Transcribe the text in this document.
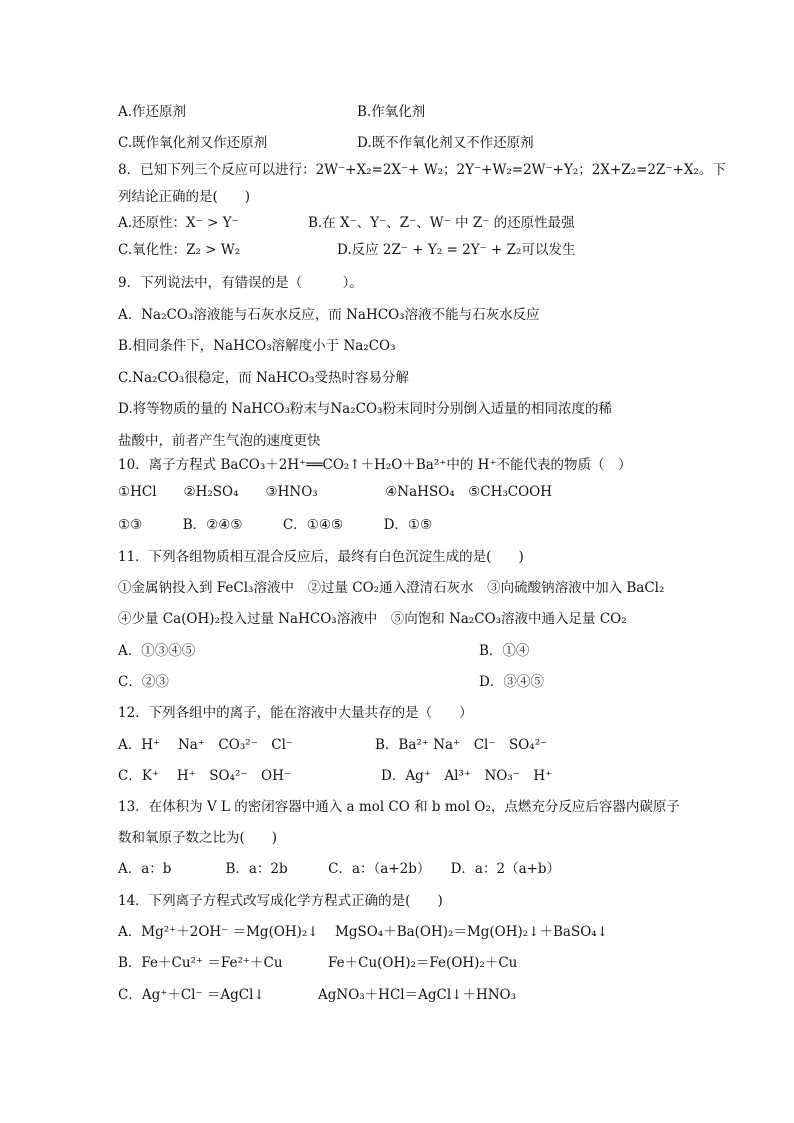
A.作还原剂	B.作氧化剂
C.既作氧化剂又作还原剂	D.既不作氧化剂又不作还原剂
8．已知下列三个反应可以进行：2W⁻+X₂=2X⁻+ W₂；2Y⁻+W₂=2W⁻+Y₂；2X+Z₂=2Z⁻+X₂。下
列结论正确的是(　　)
A.还原性：X⁻ > Y⁻	B.在 X⁻、Y⁻、Z⁻、W⁻ 中 Z⁻ 的还原性最强
C.氧化性：Z₂ > W₂	D.反应 2Z⁻ + Y₂ = 2Y⁻ + Z₂可以发生
9．下列说法中，有错误的是（　　　）。
A．Na₂CO₃溶液能与石灰水反应，而 NaHCO₃溶液不能与石灰水反应
B.相同条件下，NaHCO₃溶解度小于 Na₂CO₃
C.Na₂CO₃很稳定，而 NaHCO₃受热时容易分解
D.将等物质的量的 NaHCO₃粉末与Na₂CO₃粉末同时分别倒入适量的相同浓度的稀
盐酸中，前者产生气泡的速度更快
10．离子方程式 BaCO₃＋2H⁺══CO₂↑＋H₂O＋Ba²⁺中的 H⁺不能代表的物质（　）
①HCl　　②H₂SO₄　　③HNO₃　　　　　④NaHSO₄　⑤CH₃COOH
①③　　　B．②④⑤　　　C．①④⑤　　　D．①⑤
11．下列各组物质相互混合反应后，最终有白色沉淀生成的是(　　)
①金属钠投入到 FeCl₃溶液中　②过量 CO₂通入澄清石灰水　③向硫酸钠溶液中加入 BaCl₂
④少量 Ca(OH)₂投入过量 NaHCO₃溶液中　⑤向饱和 Na₂CO₃溶液中通入足量 CO₂
A．①③④⑤	B．①④
C．②③	D．③④⑤
12．下列各组中的离子，能在溶液中大量共存的是（　　）
A．H⁺　 Na⁺　CO₃²⁻　Cl⁻	B．Ba²⁺ Na⁺　Cl⁻　SO₄²⁻
C．K⁺　 H⁺　SO₄²⁻　OH⁻	D．Ag⁺　Al³⁺　NO₃⁻　H⁺
13．在体积为 V L 的密闭容器中通入 a mol CO 和 b mol O₂，点燃充分反应后容器内碳原子
数和氧原子数之比为(　　)
A．a：b　　　　B．a：2b　　　C．a：（a+2b）　　D．a：2（a+b）
14．下列离子方程式改写成化学方程式正确的是(　　)
A．Mg²⁺＋2OH⁻ ＝Mg(OH)₂↓ MgSO₄＋Ba(OH)₂＝Mg(OH)₂↓＋BaSO₄↓
B．Fe＋Cu²⁺ ＝Fe²⁺＋Cu	Fe＋Cu(OH)₂＝Fe(OH)₂＋Cu
C．Ag⁺＋Cl⁻ ＝AgCl↓	AgNO₃＋HCl＝AgCl↓＋HNO₃
